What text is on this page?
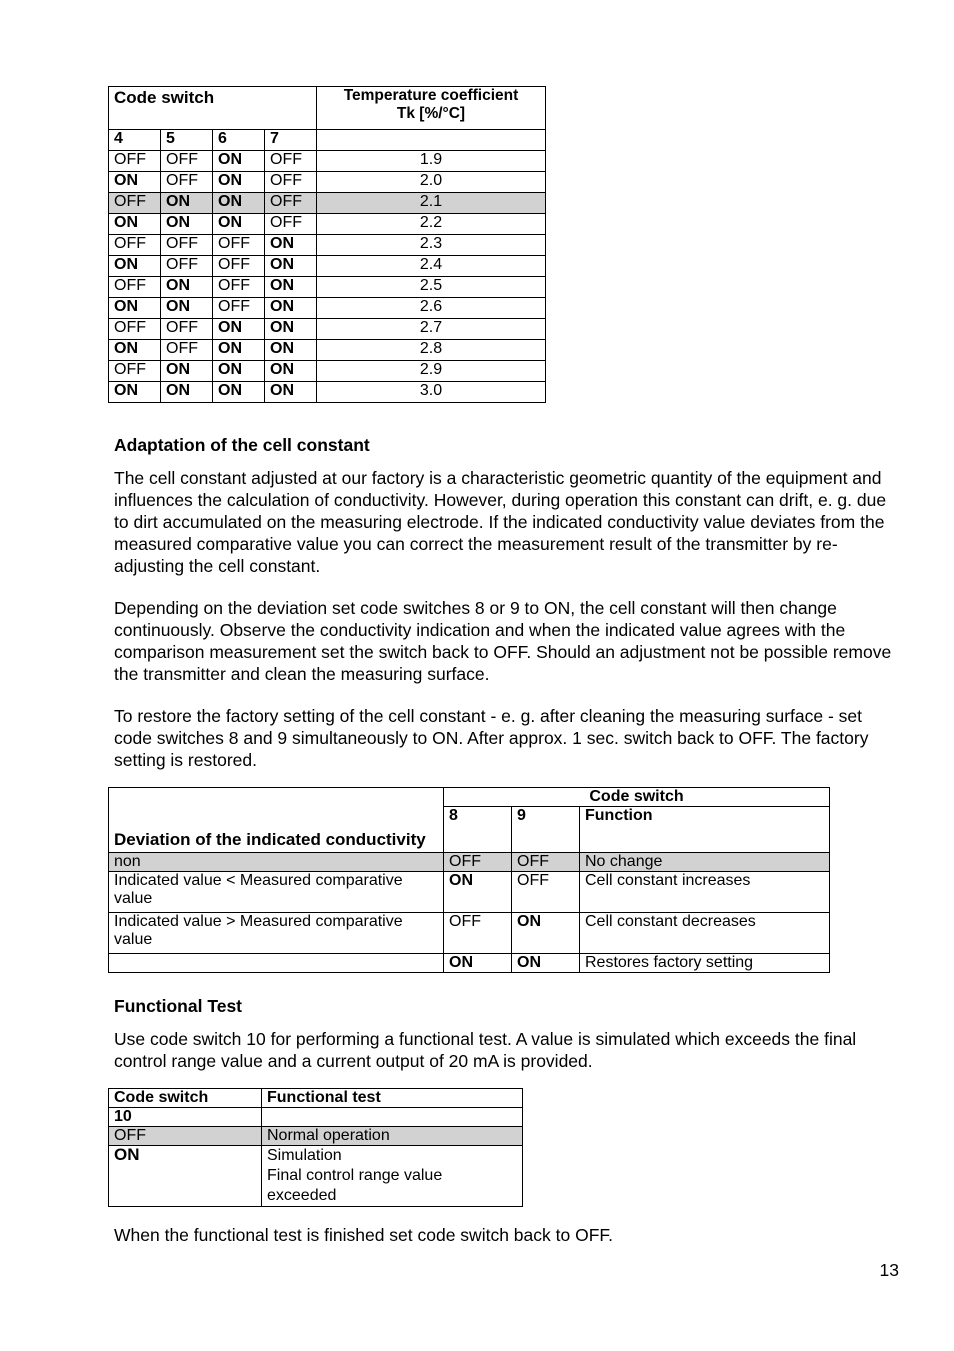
Code switch				Temperature coefficient
Tk [%/°C]

4	5	6	7	
OFF	OFF	ON	OFF	1.9
ON	OFF	ON	OFF	2.0
OFF	ON	ON	OFF	2.1
ON	ON	ON	OFF	2.2
OFF	OFF	OFF	ON	2.3
ON	OFF	OFF	ON	2.4
OFF	ON	OFF	ON	2.5
ON	ON	OFF	ON	2.6
OFF	OFF	ON	ON	2.7
ON	OFF	ON	ON	2.8
OFF	ON	ON	ON	2.9
ON	ON	ON	ON	3.0
Adaptation of the cell constant

The cell constant adjusted at our factory is a characteristic geometric quantity of the equipment and influences the calculation of conductivity. However, during operation this constant can drift, e. g. due to dirt accumulated on the measuring electrode. If the indicated conductivity value deviates from the measured comparative value you can correct the measurement result of the transmitter by re-adjusting the cell constant.

Depending on the deviation set code switches 8 or 9 to ON, the cell constant will then change continuously. Observe the conductivity indication and when the indicated value agrees with the comparison measurement set the switch back to OFF. Should an adjustment not be possible remove the transmitter and clean the measuring surface.

To restore the factory setting of the cell constant - e. g. after cleaning the measuring surface - set code switches 8 and 9 simultaneously to ON. After approx. 1 sec. switch back to OFF. The factory setting is restored.

Deviation of the indicated conductivity	Code switch		
	8	9	Function
non	OFF	OFF	No change
Indicated value < Measured comparative value	ON	OFF	Cell constant increases
Indicated value > Measured comparative value	OFF	ON	Cell constant decreases
	ON	ON	Restores factory setting
Functional Test

Use code switch 10 for performing a functional test. A value is simulated which exceeds the final control range value and a current output of 20 mA is provided.

Code switch	Functional test
10	
OFF	Normal operation
ON	Simulation
Final control range value
exceeded

When the functional test is finished set code switch back to OFF.

13
